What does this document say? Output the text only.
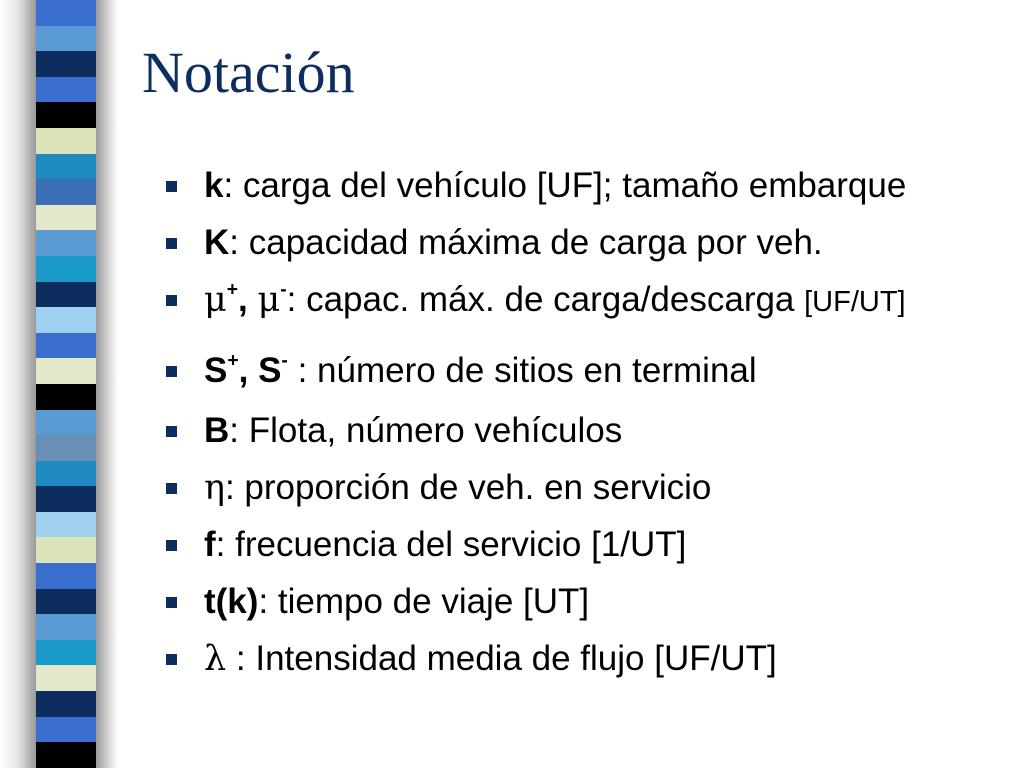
Notación
k: carga del vehículo [UF]; tamaño embarque
K: capacidad máxima de carga por veh.
μ+, μ-: capac. máx. de carga/descarga [UF/UT]
S+, S- : número de sitios en terminal
B: Flota, número vehículos
η: proporción de veh. en servicio
f: frecuencia del servicio [1/UT]
t(k): tiempo de viaje [UT]
λ : Intensidad media de flujo [UF/UT]
